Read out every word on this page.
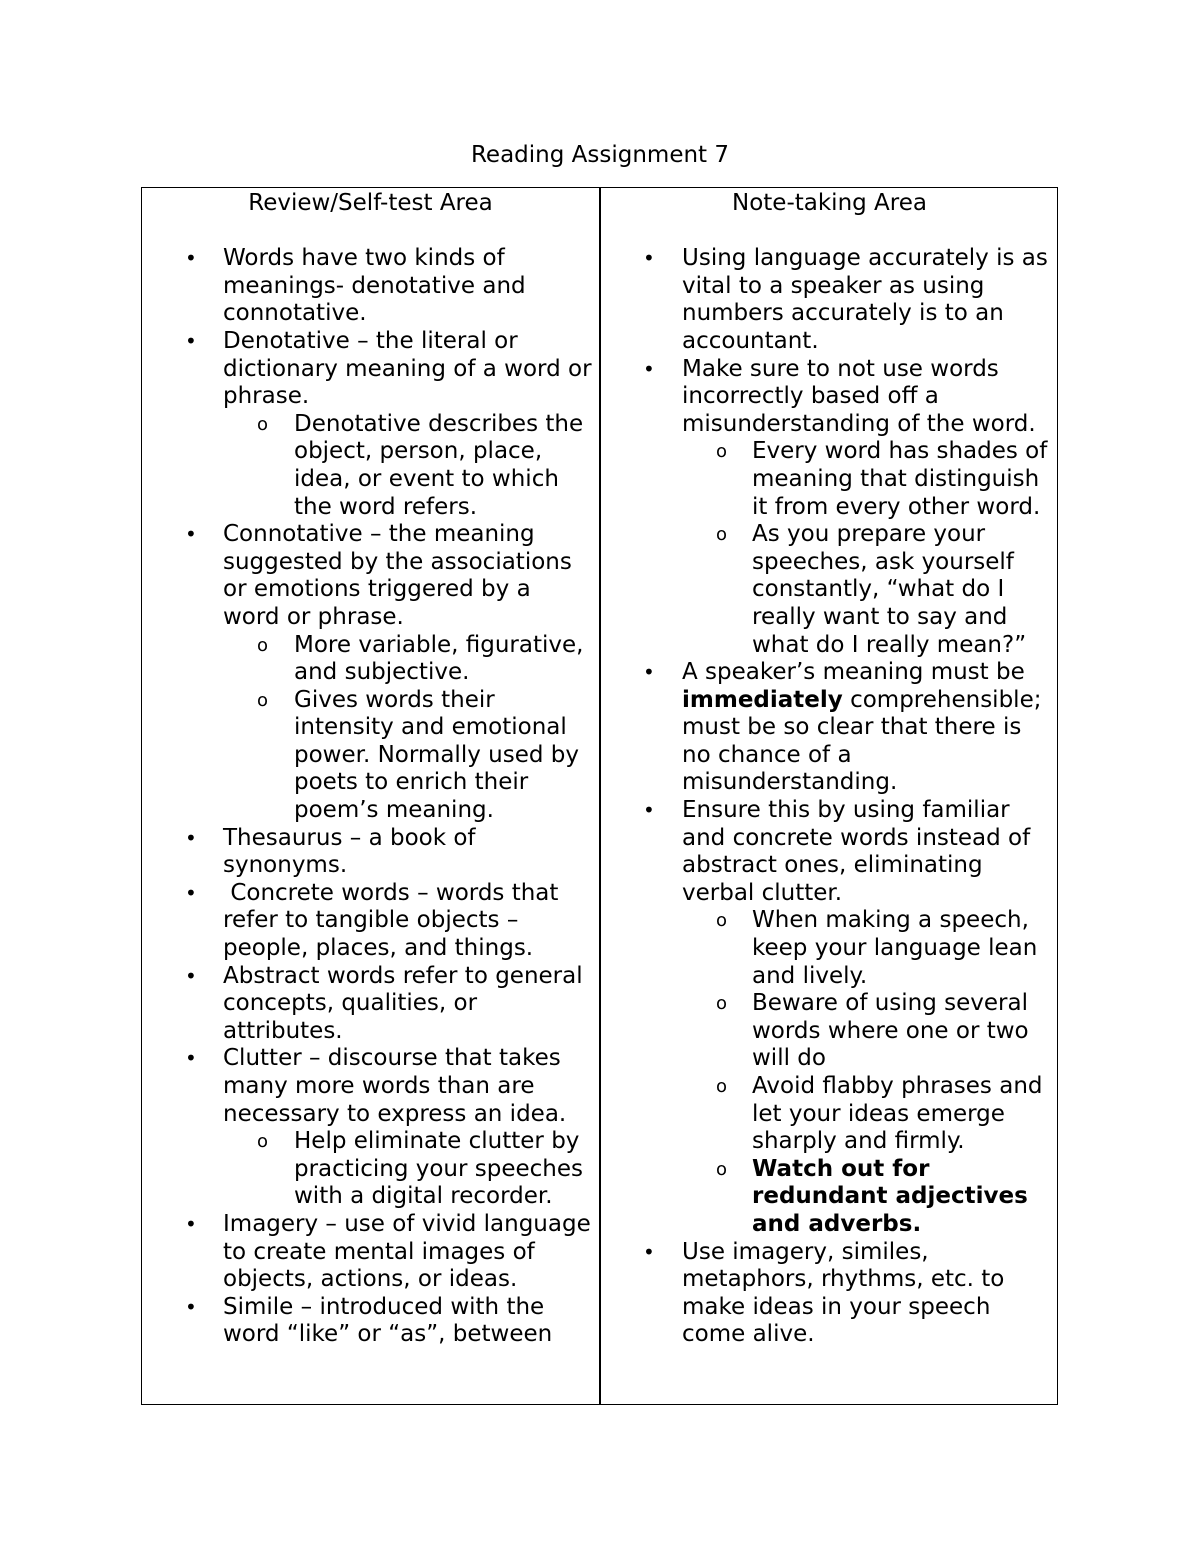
Reading Assignment 7
Review/Self-test Area
• Words have two kinds of meanings- denotative and connotative.
• Denotative – the literal or dictionary meaning of a word or phrase.
o Denotative describes the object, person, place, idea, or event to which the word refers.
• Connotative – the meaning suggested by the associations or emotions triggered by a word or phrase.
o More variable, figurative, and subjective.
o Gives words their intensity and emotional power. Normally used by poets to enrich their poem’s meaning.
• Thesaurus – a book of synonyms.
• Concrete words – words that refer to tangible objects – people, places, and things.
• Abstract words refer to general concepts, qualities, or attributes.
• Clutter – discourse that takes many more words than are necessary to express an idea.
o Help eliminate clutter by practicing your speeches with a digital recorder.
• Imagery – use of vivid language to create mental images of objects, actions, or ideas.
• Simile – introduced with the word “like” or “as”, between
Note-taking Area
• Using language accurately is as vital to a speaker as using numbers accurately is to an accountant.
• Make sure to not use words incorrectly based off a misunderstanding of the word.
o Every word has shades of meaning that distinguish it from every other word.
o As you prepare your speeches, ask yourself constantly, “what do I really want to say and what do I really mean?”
• A speaker’s meaning must be immediately comprehensible; must be so clear that there is no chance of a misunderstanding.
• Ensure this by using familiar and concrete words instead of abstract ones, eliminating verbal clutter.
o When making a speech, keep your language lean and lively.
o Beware of using several words where one or two will do
o Avoid flabby phrases and let your ideas emerge sharply and firmly.
o Watch out for redundant adjectives and adverbs.
• Use imagery, similes, metaphors, rhythms, etc. to make ideas in your speech come alive.
